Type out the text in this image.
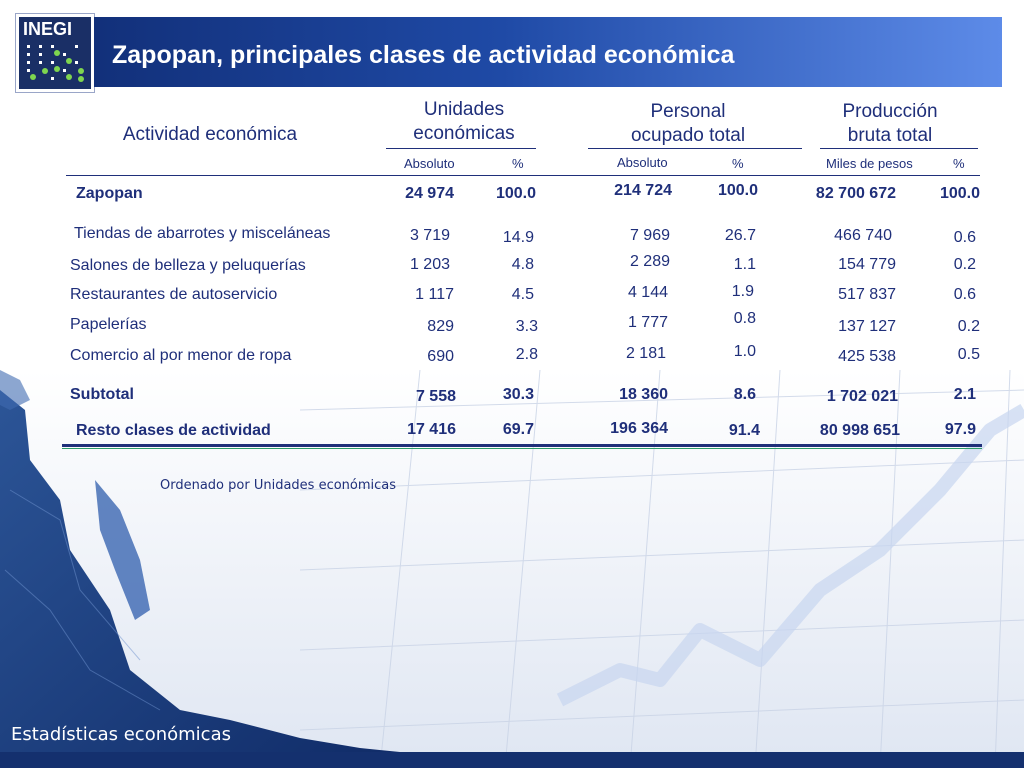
INEGI
Zapopan, principales clases de actividad económica
Actividad económica
Unidades
económicas
Personal
ocupado total
Producción
bruta total
Absoluto	%	Absoluto	%	Miles de pesos	%
Zapopan	24 974	100.0	214 724	100.0	82 700 672	100.0
Tiendas de abarrotes y misceláneas	3 719	14.9	7 969	26.7	466 740	0.6
Salones de belleza y peluquerías	1 203	4.8	2 289	1.1	154 779	0.2
Restaurantes de autoservicio	1 117	4.5	4 144	1.9	517 837	0.6
Papelerías	829	3.3	1 777	0.8	137 127	0.2
Comercio al por menor de ropa	690	2.8	2 181	1.0	425 538	0.5
Subtotal	7 558	30.3	18 360	8.6	1 702 021	2.1
Resto clases de actividad	17 416	69.7	196 364	91.4	80 998 651	97.9
Ordenado por Unidades económicas
Estadísticas económicas
